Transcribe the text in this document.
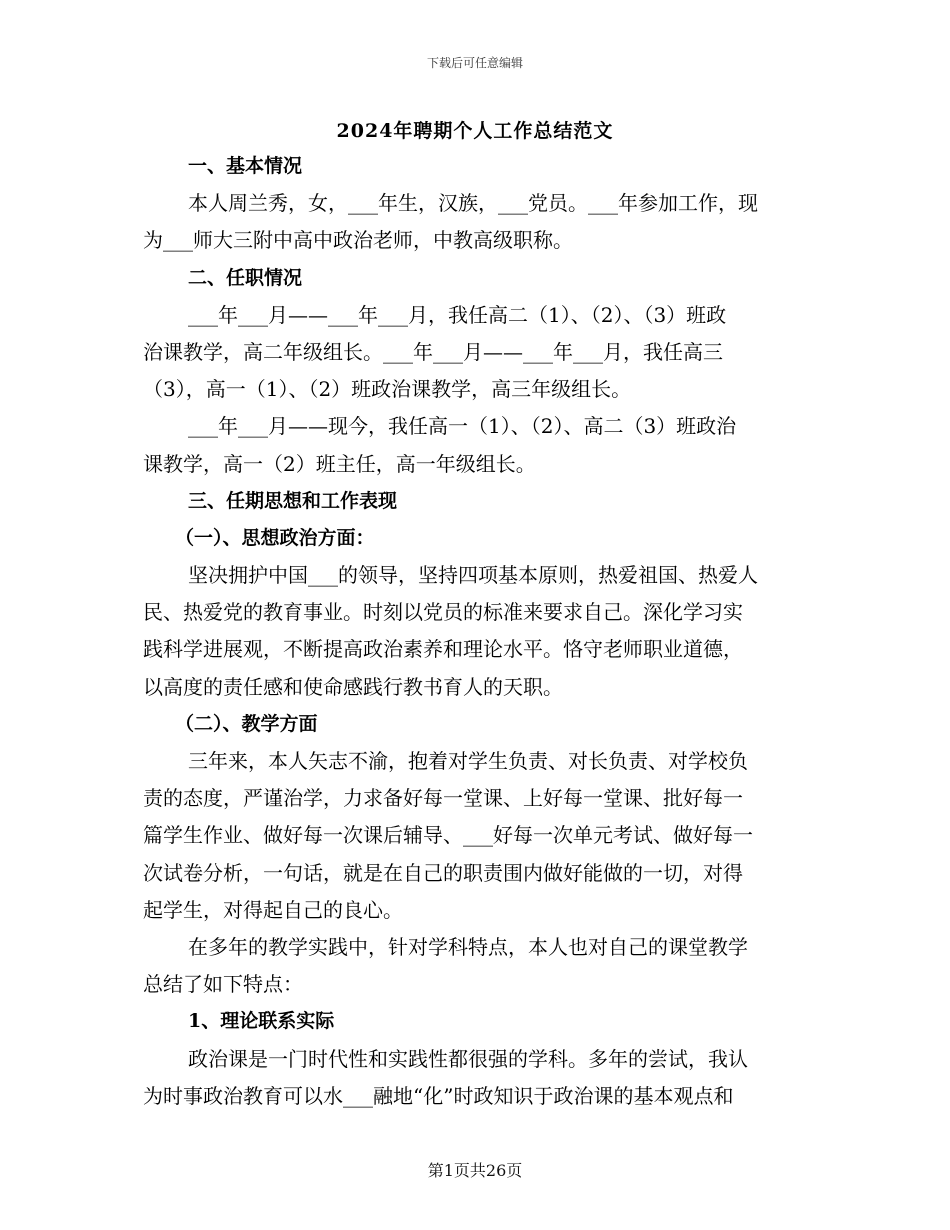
下载后可任意编辑
2024年聘期个人工作总结范文
一、基本情况
本人周兰秀，女，___年生，汉族，___党员。___年参加工作，现
为___师大三附中高中政治老师，中教高级职称。
二、任职情况
___年___月——___年___月，我任高二（1）、（2）、（3）班政
治课教学，高二年级组长。___年___月——___年___月，我任高三
（3），高一（1）、（2）班政治课教学，高三年级组长。
___年___月——现今，我任高一（1）、（2）、高二（3）班政治
课教学，高一（2）班主任，高一年级组长。
三、任期思想和工作表现
（一）、思想政治方面：
坚决拥护中国___的领导，坚持四项基本原则，热爱祖国、热爱人
民、热爱党的教育事业。时刻以党员的标准来要求自己。深化学习实
践科学进展观，不断提高政治素养和理论水平。恪守老师职业道德，
以高度的责任感和使命感践行教书育人的天职。
（二）、教学方面
三年来，本人矢志不渝，抱着对学生负责、对长负责、对学校负
责的态度，严谨治学，力求备好每一堂课、上好每一堂课、批好每一
篇学生作业、做好每一次课后辅导、___好每一次单元考试、做好每一
次试卷分析，一句话，就是在自己的职责围内做好能做的一切，对得
起学生，对得起自己的良心。
在多年的教学实践中，针对学科特点，本人也对自己的课堂教学
总结了如下特点：
1、理论联系实际
政治课是一门时代性和实践性都很强的学科。多年的尝试，我认
为时事政治教育可以水___融地“化”时政知识于政治课的基本观点和
第1页共26页
